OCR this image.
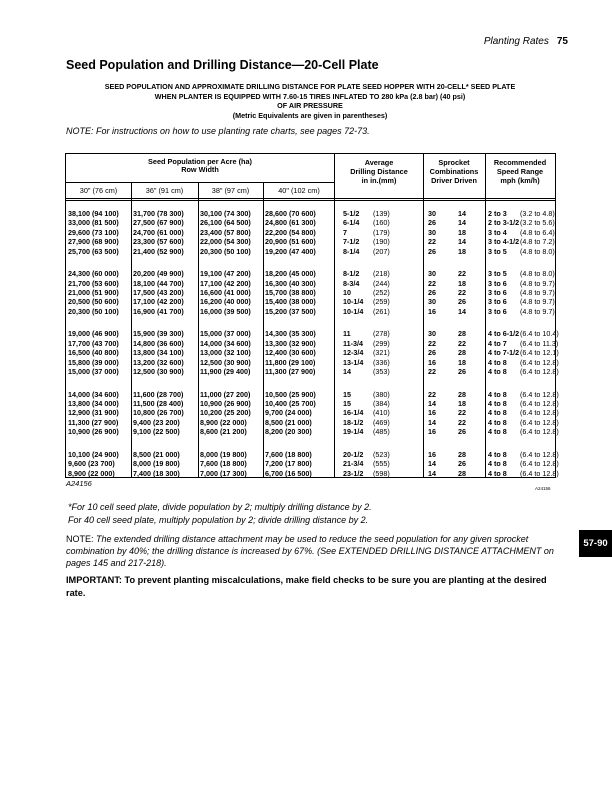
Planting Rates 75
Seed Population and Drilling Distance—20-Cell Plate
SEED POPULATION AND APPROXIMATE DRILLING DISTANCE FOR PLATE SEED HOPPER WITH 20-CELL* SEED PLATE
WHEN PLANTER IS EQUIPPED WITH 7.60-15 TIRES INFLATED TO 280 kPa (2.8 bar) (40 psi)
OF AIR PRESSURE
(Metric Equivalents are given in parentheses)
NOTE: For instructions on how to use planting rate charts, see pages 72-73.
Seed Population per Acre (ha)
Row Width
Average
Drilling Distance
in in.(mm)
Sprocket
Combinations
Driver Driven
Recommended
Speed Range
mph (km/h)
30" (76 cm)	36" (91 cm)	38" (97 cm)	40" (102 cm)
38,100 (94 100) 31,700 (78 300) 30,100 (74 300) 28,600 (70 600)	5-1/2 (139)	30	14	2 to 3 (3.2 to 4.8)
33,000 (81 500) 27,500 (67 900) 26,100 (64 500) 24,800 (61 300)	6-1/4 (160)	26	14	2 to 3-1/2 (3.2 to 5.6)
29,600 (73 100) 24,700 (61 000) 23,400 (57 800) 22,200 (54 800)	7	(179)	30	18	3 to 4 (4.8 to 6.4)
27,900 (68 900) 23,300 (57 600) 22,000 (54 300) 20,900 (51 600)	7-1/2 (190)	22	14	3 to 4-1/2 (4.8 to 7.2)
25,700 (63 500) 21,400 (52 900) 20,300 (50 100) 19,200 (47 400)	8-1/4 (207)	26	18	3 to 5 (4.8 to 8.0)
24,300 (60 000) 20,200 (49 900) 19,100 (47 200) 18,200 (45 000)	8-1/2 (218)	30	22	3 to 5 (4.8 to 8.0)
21,700 (53 600) 18,100 (44 700) 17,100 (42 200) 16,300 (40 300)	8-3/4 (244)	22	18	3 to 6 (4.8 to 9.7)
21,000 (51 900) 17,500 (43 200) 16,600 (41 000) 15,700 (38 800)	10	(252)	26	22	3 to 6 (4.8 to 9.7)
20,500 (50 600) 17,100 (42 200) 16,200 (40 000) 15,400 (38 000)	10-1/4 (259)	30	26	3 to 6 (4.8 to 9.7)
20,300 (50 100) 16,900 (41 700) 16,000 (39 500) 15,200 (37 500)	10-1/4 (261)	16	14	3 to 6 (4.8 to 9.7)
19,000 (46 900) 15,900 (39 300) 15,000 (37 000) 14,300 (35 300)	11	(278)	30	28	4 to 6-1/2 (6.4 to 10.4)
17,700 (43 700) 14,800 (36 600) 14,000 (34 600) 13,300 (32 900)	11-3/4 (299)	22	22	4 to 7 (6.4 to 11.3)
16,500 (40 800) 13,800 (34 100) 13,000 (32 100) 12,400 (30 600)	12-3/4 (321)	26	28	4 to 7-1/2 (6.4 to 12.1)
15,800 (39 000) 13,200 (32 600) 12,500 (30 900) 11,800 (29 100)	13-1/4 (336)	16	18	4 to 8 (6.4 to 12.8)
15,000 (37 000) 12,500 (30 900) 11,900 (29 400) 11,300 (27 900)	14	(353)	22	26	4 to 8 (6.4 to 12.8)
14,000 (34 600) 11,600 (28 700) 11,000 (27 200) 10,500 (25 900)	15	(380)	22	28	4 to 8 (6.4 to 12.8)
13,800 (34 000) 11,500 (28 400) 10,900 (26 900) 10,400 (25 700)	15	(384)	14	18	4 to 8 (6.4 to 12.8)
12,900 (31 900) 10,800 (26 700) 10,200 (25 200) 9,700 (24 000)	16-1/4 (410)	16	22	4 to 8 (6.4 to 12.8)
11,300 (27 900) 9,400 (23 200)	8,900 (22 000)	8,500 (21 000)	18-1/2 (469)	14	22	4 to 8 (6.4 to 12.8)
10,900 (26 900) 9,100 (22 500)	8,600 (21 200)	8,200 (20 300)	19-1/4 (485)	16	26	4 to 8 (6.4 to 12.8)
10,100 (24 900) 8,500 (21 000)	8,000 (19 800)	7,600 (18 800)	20-1/2 (523)	16	28	4 to 8 (6.4 to 12.8)
9,600 (23 700)	8,000 (19 800)	7,600 (18 800)	7,200 (17 800)	21-3/4 (555)	14	26	4 to 8 (6.4 to 12.8)
8,900 (22 000)	7,400 (18 300)	7,000 (17 300)	6,700 (16 500)	23-1/2 (598)	14	28	4 to 8 (6.4 to 12.8)
A24156
A24156
57-90
*For 10 cell seed plate, divide population by 2; multiply drilling distance by 2.
For 40 cell seed plate, multiply population by 2; divide drilling distance by 2.
NOTE: The extended drilling distance attachment may be used to reduce the seed population for any given sprocket combination by 40%; the drilling distance is increased by 67%. (See EXTENDED DRILLING DISTANCE ATTACHMENT on pages 145 and 217-218).
IMPORTANT: To prevent planting miscalculations, make field checks to be sure you are planting at the desired rate.
